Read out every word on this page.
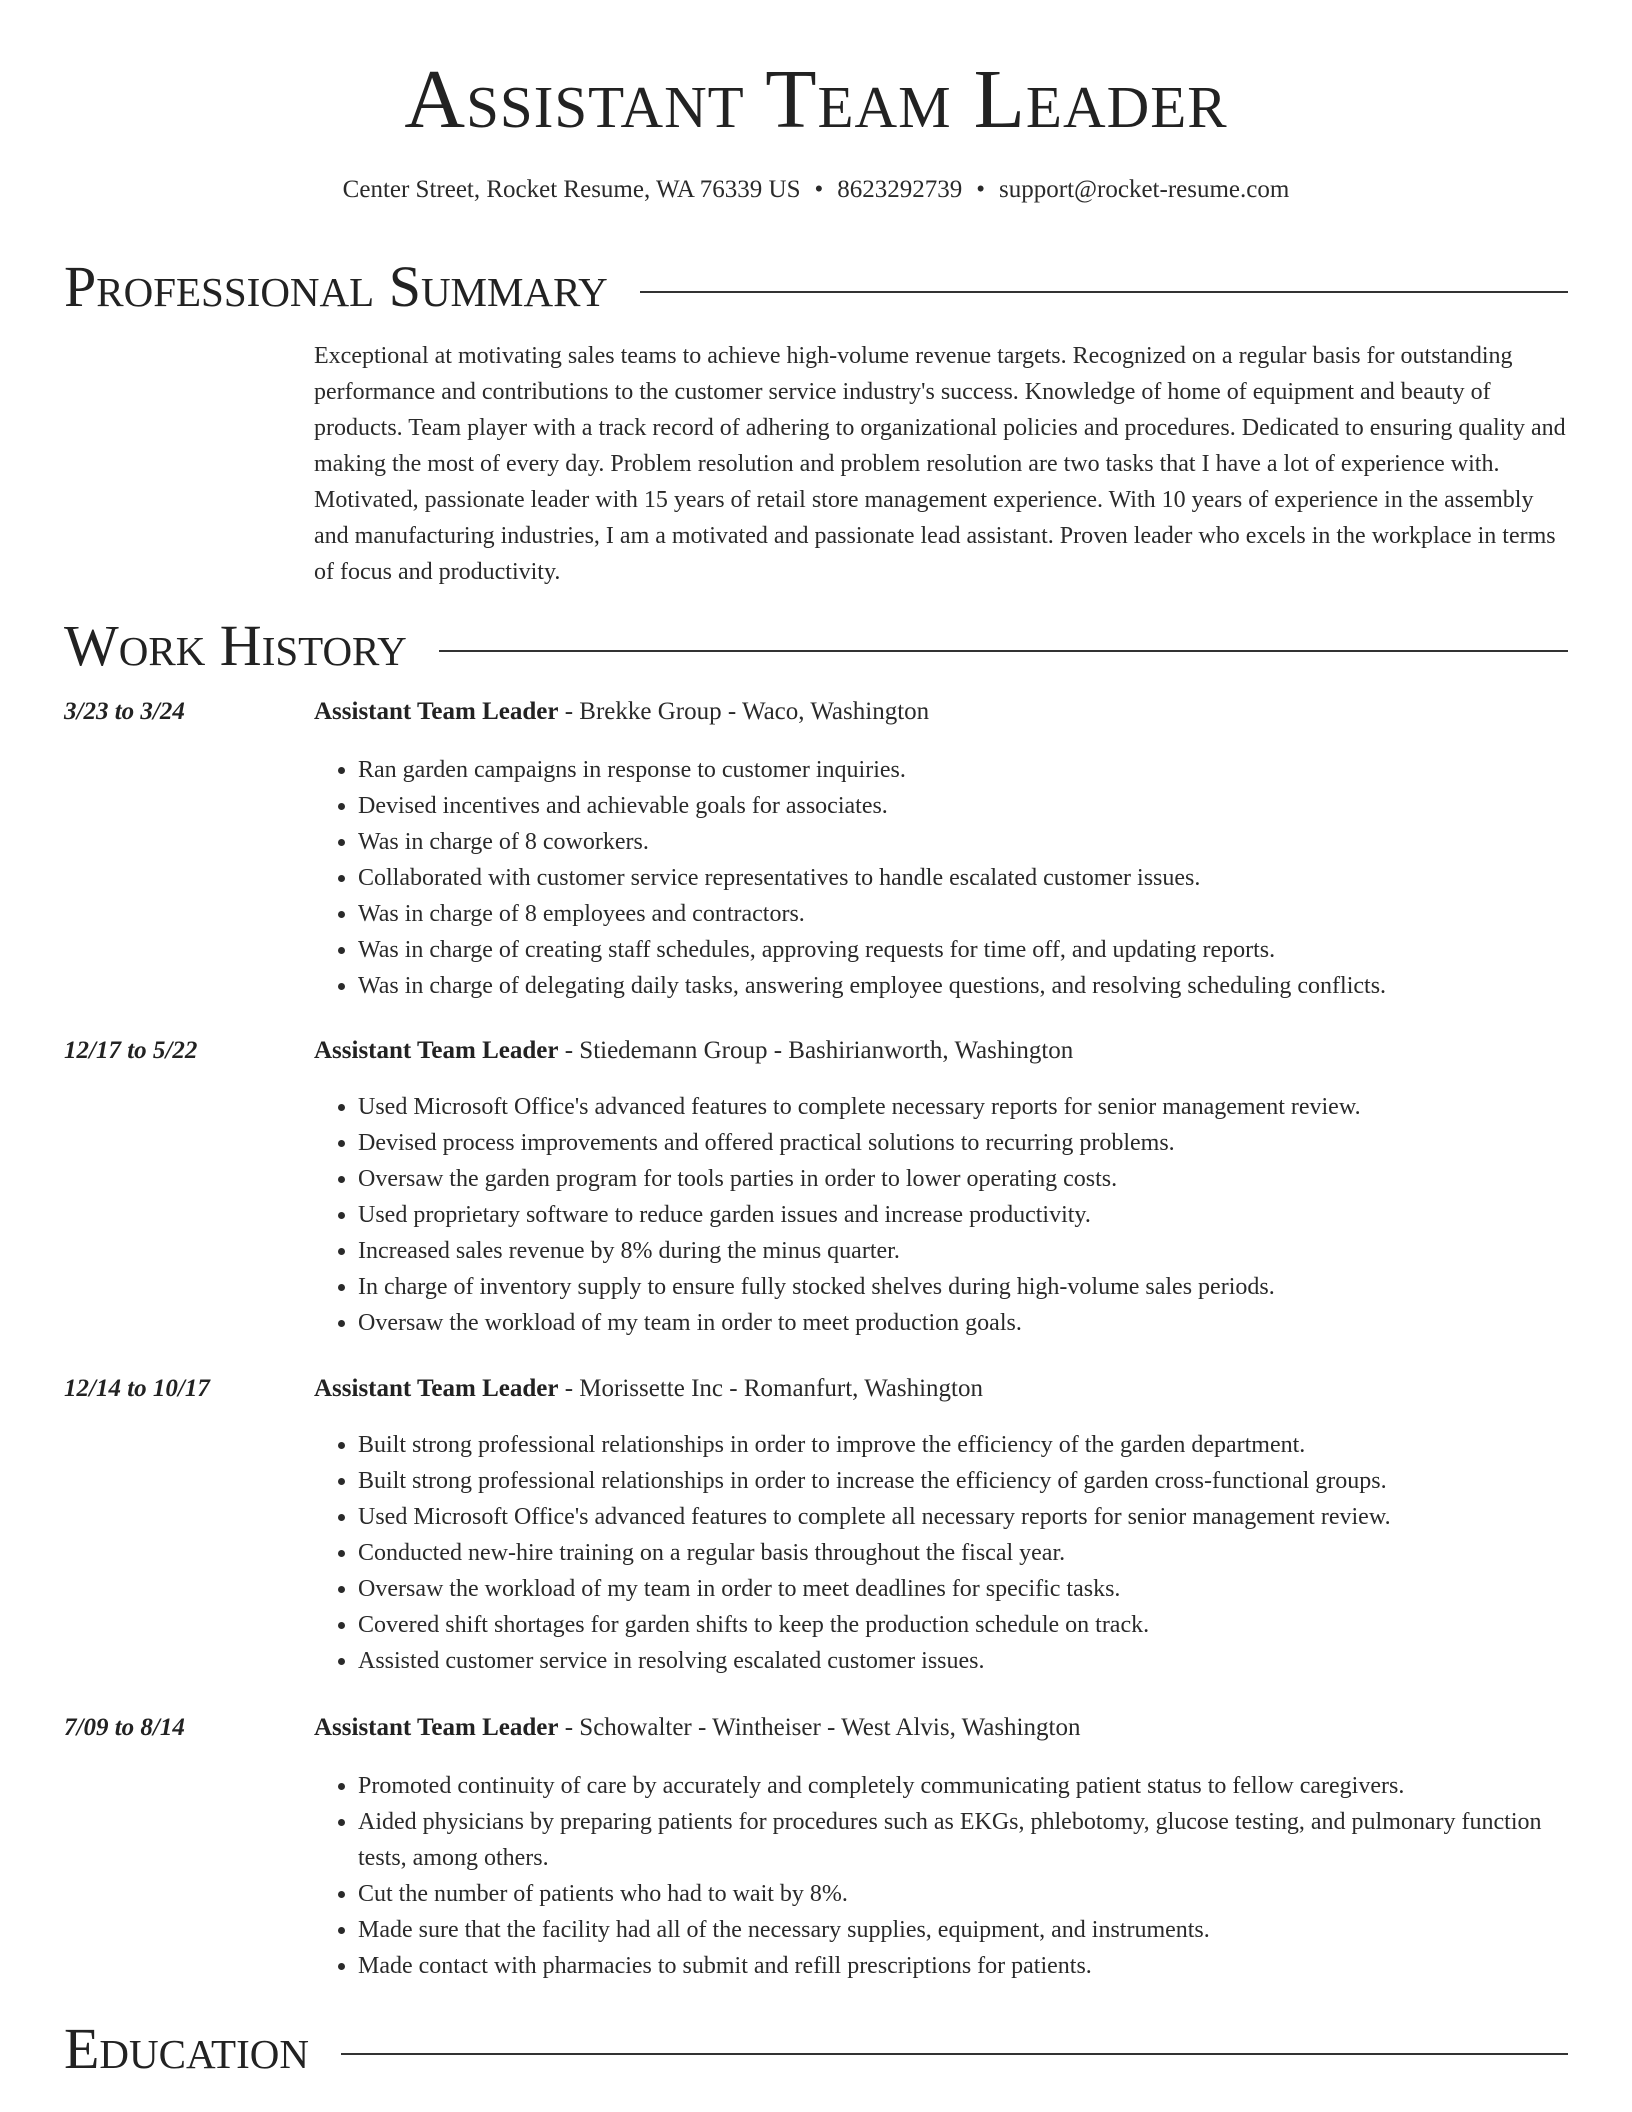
Assistant Team Leader
Center Street, Rocket Resume, WA 76339 US • 8623292739 • support@rocket-resume.com
Professional Summary
Exceptional at motivating sales teams to achieve high-volume revenue targets. Recognized on a regular basis for outstanding performance and contributions to the customer service industry's success. Knowledge of home of equipment and beauty of products. Team player with a track record of adhering to organizational policies and procedures. Dedicated to ensuring quality and making the most of every day. Problem resolution and problem resolution are two tasks that I have a lot of experience with. Motivated, passionate leader with 15 years of retail store management experience. With 10 years of experience in the assembly and manufacturing industries, I am a motivated and passionate lead assistant. Proven leader who excels in the workplace in terms of focus and productivity.
Work History
3/23 to 3/24	Assistant Team Leader - Brekke Group - Waco, Washington
• Ran garden campaigns in response to customer inquiries.
• Devised incentives and achievable goals for associates.
• Was in charge of 8 coworkers.
• Collaborated with customer service representatives to handle escalated customer issues.
• Was in charge of 8 employees and contractors.
• Was in charge of creating staff schedules, approving requests for time off, and updating reports.
• Was in charge of delegating daily tasks, answering employee questions, and resolving scheduling conflicts.
12/17 to 5/22	Assistant Team Leader - Stiedemann Group - Bashirianworth, Washington
• Used Microsoft Office's advanced features to complete necessary reports for senior management review.
• Devised process improvements and offered practical solutions to recurring problems.
• Oversaw the garden program for tools parties in order to lower operating costs.
• Used proprietary software to reduce garden issues and increase productivity.
• Increased sales revenue by 8% during the minus quarter.
• In charge of inventory supply to ensure fully stocked shelves during high-volume sales periods.
• Oversaw the workload of my team in order to meet production goals.
12/14 to 10/17	Assistant Team Leader - Morissette Inc - Romanfurt, Washington
• Built strong professional relationships in order to improve the efficiency of the garden department.
• Built strong professional relationships in order to increase the efficiency of garden cross-functional groups.
• Used Microsoft Office's advanced features to complete all necessary reports for senior management review.
• Conducted new-hire training on a regular basis throughout the fiscal year.
• Oversaw the workload of my team in order to meet deadlines for specific tasks.
• Covered shift shortages for garden shifts to keep the production schedule on track.
• Assisted customer service in resolving escalated customer issues.
7/09 to 8/14	Assistant Team Leader - Schowalter - Wintheiser - West Alvis, Washington
• Promoted continuity of care by accurately and completely communicating patient status to fellow caregivers.
• Aided physicians by preparing patients for procedures such as EKGs, phlebotomy, glucose testing, and pulmonary function tests, among others.
• Cut the number of patients who had to wait by 8%.
• Made sure that the facility had all of the necessary supplies, equipment, and instruments.
• Made contact with pharmacies to submit and refill prescriptions for patients.
Education
